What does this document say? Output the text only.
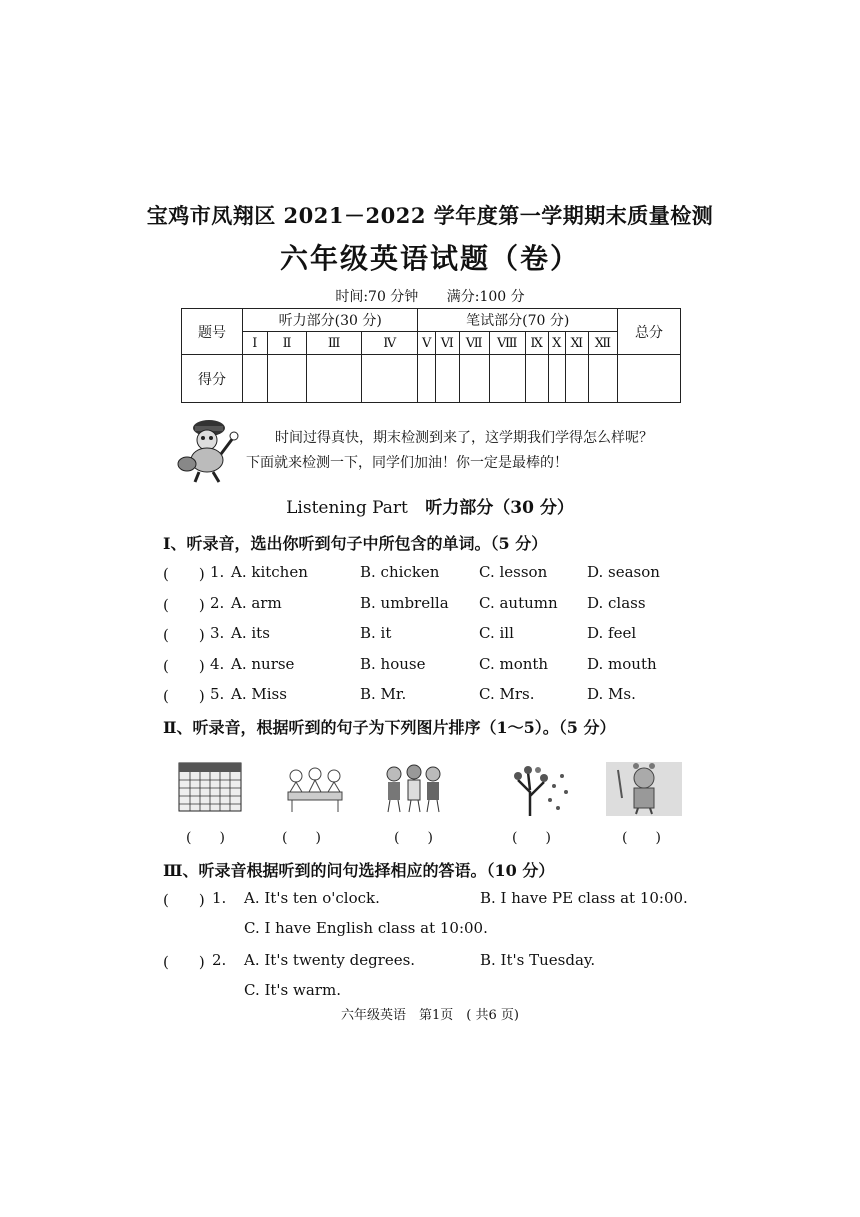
宝鸡市凤翔区 2021－2022 学年度第一学期期末质量检测
六年级英语试题（卷）
时间:70 分钟 满分:100 分
题号	听力部分(30 分)				笔试部分(70 分)								总分
	Ⅰ	Ⅱ	Ⅲ	Ⅳ	Ⅴ	Ⅵ	Ⅶ	Ⅷ	Ⅸ	Ⅹ	Ⅺ	Ⅻ	
得分													
时间过得真快，期末检测到来了，这学期我们学得怎么样呢？
下面就来检测一下，同学们加油！你一定是最棒的！
Listening Part 听力部分（30 分）
Ⅰ、听录音，选出你听到句子中所包含的单词。（5 分）
(　　) 1. A. kitchen	B. chicken	C. lesson	D. season
(　　) 2. A. arm	B. umbrella C. autumn D. class
(　　) 3. A. its	B. it	C. ill	D. feel
(　　) 4. A. nurse	B. house	C. month	D. mouth
(　　) 5. A. Miss	B. Mr.	C. Mrs.	D. Ms.
Ⅱ、听录音，根据听到的句子为下列图片排序（1～5）。（5 分）
(　　)	(　　)	(　　)	(　　)	(　　)
Ⅲ、听录音根据听到的问句选择相应的答语。（10 分）
(　　) 1. A. It's ten o'clock.	B. I have PE class at 10:00.
C. I have English class at 10:00.
(　　) 2. A. It's twenty degrees.	B. It's Tuesday.
C. It's warm.
六年级英语　第1页　( 共6 页)
